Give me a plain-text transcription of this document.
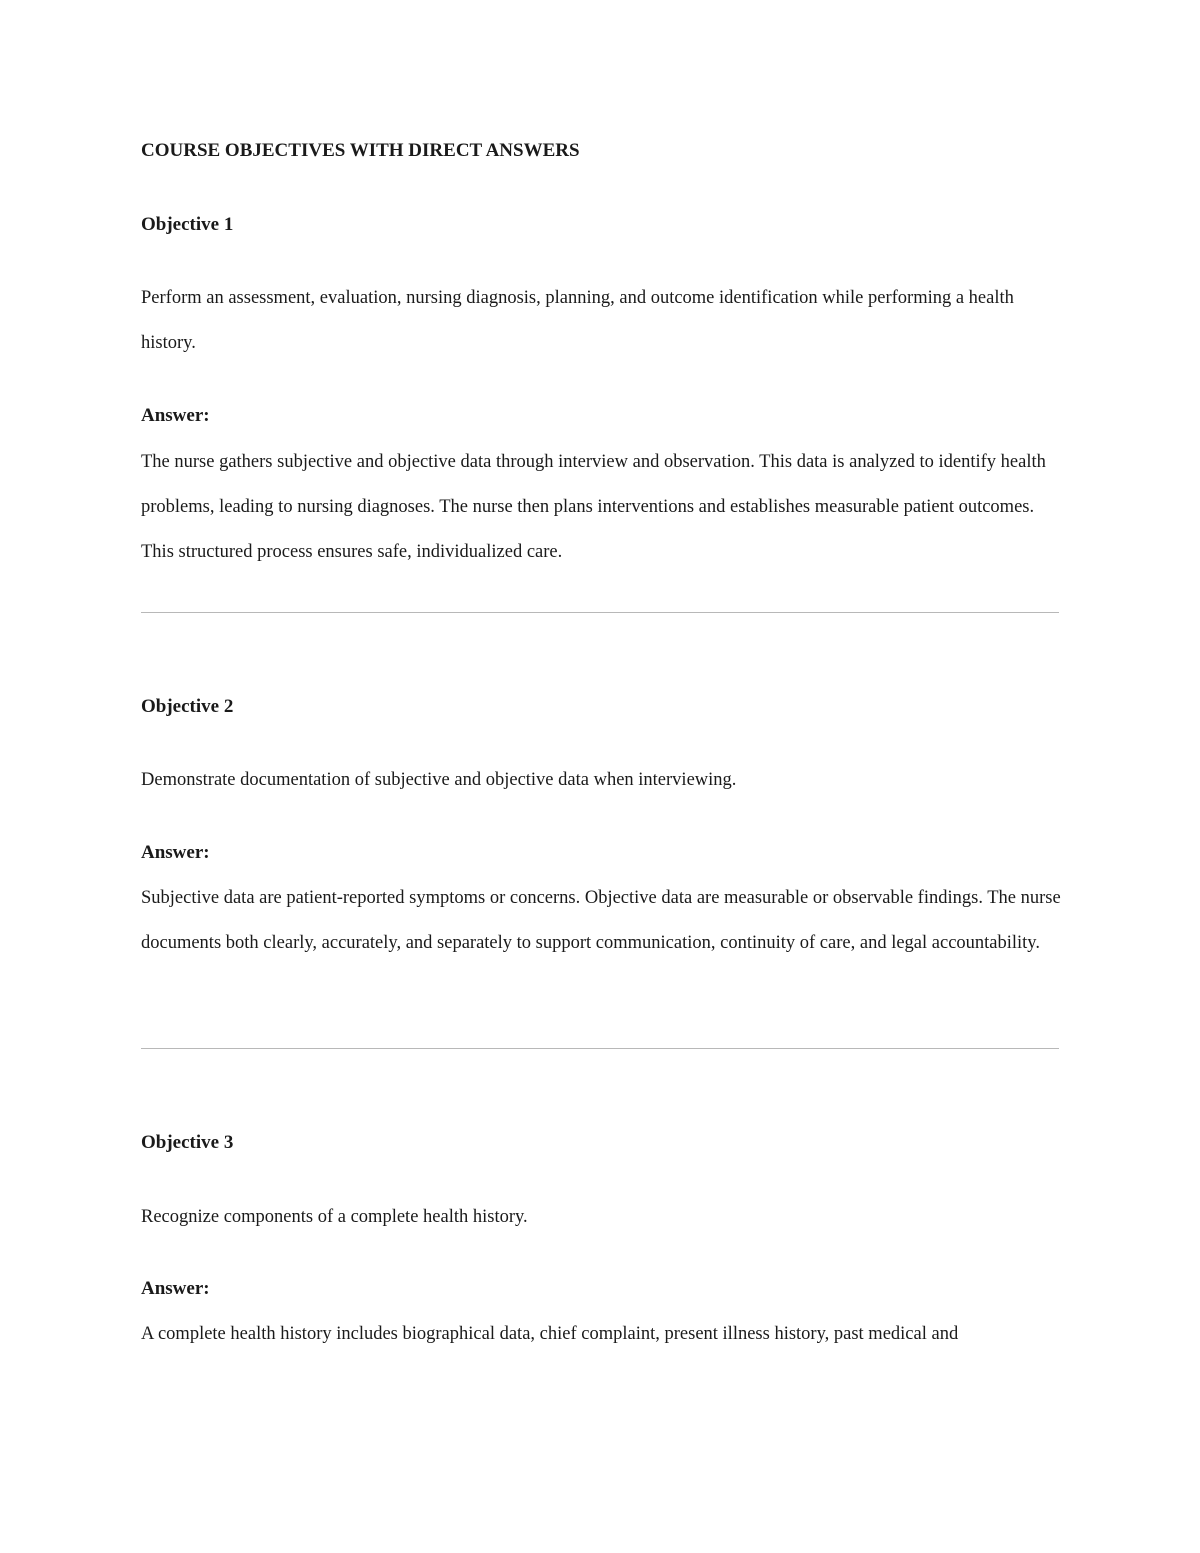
COURSE OBJECTIVES WITH DIRECT ANSWERS
Objective 1

Perform an assessment, evaluation, nursing diagnosis, planning, and outcome identification while performing a health history.

Answer:

The nurse gathers subjective and objective data through interview and observation. This data is analyzed to identify health problems, leading to nursing diagnoses. The nurse then plans interventions and establishes measurable patient outcomes. This structured process ensures safe, individualized care.

Objective 2

Demonstrate documentation of subjective and objective data when interviewing.

Answer:

Subjective data are patient-reported symptoms or concerns. Objective data are measurable or observable findings. The nurse documents both clearly, accurately, and separately to support communication, continuity of care, and legal accountability.

Objective 3

Recognize components of a complete health history.

Answer:

A complete health history includes biographical data, chief complaint, present illness history, past medical and
